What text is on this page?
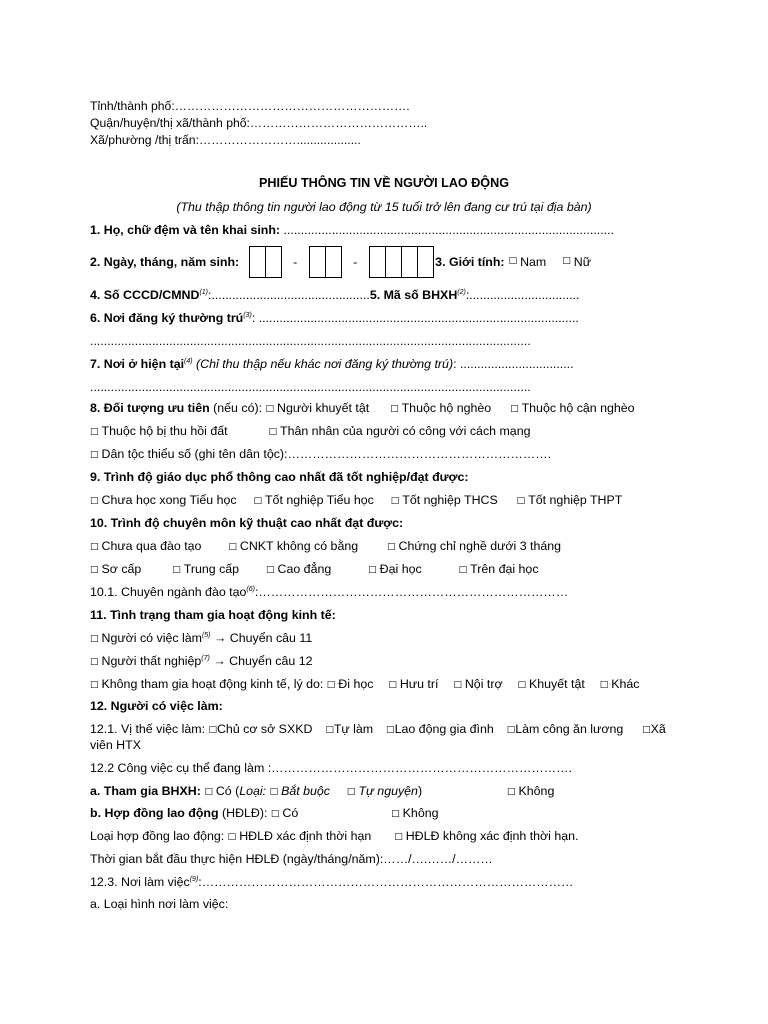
Tỉnh/thành phố:………………………………………………….
Quận/huyện/thị xã/thành phố:……………………………………..
Xã/phường /thị trấn:……………………...................
PHIẾU THÔNG TIN VỀ NGƯỜI LAO ĐỘNG
(Thu thập thông tin người lao động từ 15 tuổi trở lên đang cư trú tại địa bàn)
1. Họ, chữ đệm và tên khai sinh: ................................................................................................
2. Ngày, tháng, năm sinh:	-	-	3. Giới tính: □ Nam □ Nữ
4. Số CCCD/CMND$^{(1)}$:..............................................5. Mã số BHXH$^{(2)}$:................................
6. Nơi đăng ký thường trú$^{(3)}$: .............................................................................................
................................................................................................................................
7. Nơi ở hiện tại$^{(4)}$ (Chỉ thu thập nếu khác nơi đăng ký thường trú): .................................
................................................................................................................................
8. Đối tượng ưu tiên (nếu có): □ Người khuyết tật □ Thuộc hộ nghèo □ Thuộc hộ cận nghèo
□ Thuộc hộ bị thu hồi đất	□ Thân nhân của người có công với cách mạng
□ Dân tộc thiểu số (ghi tên dân tộc):……………………………………………………….
9. Trình độ giáo dục phổ thông cao nhất đã tốt nghiệp/đạt được:
□ Chưa học xong Tiểu học □ Tốt nghiệp Tiểu học □ Tốt nghiệp THCS □ Tốt nghiệp THPT
10. Trình độ chuyên môn kỹ thuật cao nhất đạt được:
□ Chưa qua đào tạo	□ CNKT không có bằng	□ Chứng chỉ nghề dưới 3 tháng
□ Sơ cấp	□ Trung cấp	□ Cao đẳng	□ Đại học	□ Trên đại học
10.1. Chuyên ngành đào tạo$^{(6)}$:…………………………………………………………………
11. Tình trạng tham gia hoạt động kinh tế:
□ Người có việc làm$^{(5)}$ → Chuyển câu 11
□ Người thất nghiệp$^{(7)}$ → Chuyển câu 12
□ Không tham gia hoạt động kinh tế, lý do: □ Đi học □ Hưu trí □ Nội trợ □ Khuyết tật □ Khác
12. Người có việc làm:
12.1. Vị thế việc làm: □Chủ cơ sở SXKD □Tự làm □Lao động gia đình □Làm công ăn lương □Xã
viên HTX
12.2 Công việc cụ thể đang làm :……………………………………………………………….
a. Tham gia BHXH: □ Có (Loại: □ Bắt buộc □ Tự nguyện)	□ Không
b. Hợp đồng lao động (HĐLĐ): □ Có	□ Không
Loại hợp đồng lao động: □ HĐLĐ xác định thời hạn	□ HĐLĐ không xác định thời hạn.
Thời gian bắt đầu thực hiện HĐLĐ (ngày/tháng/năm):……/….……/………
12.3. Nơi làm việc$^{(9)}$:………………………………………………………………………………
a. Loại hình nơi làm việc:
